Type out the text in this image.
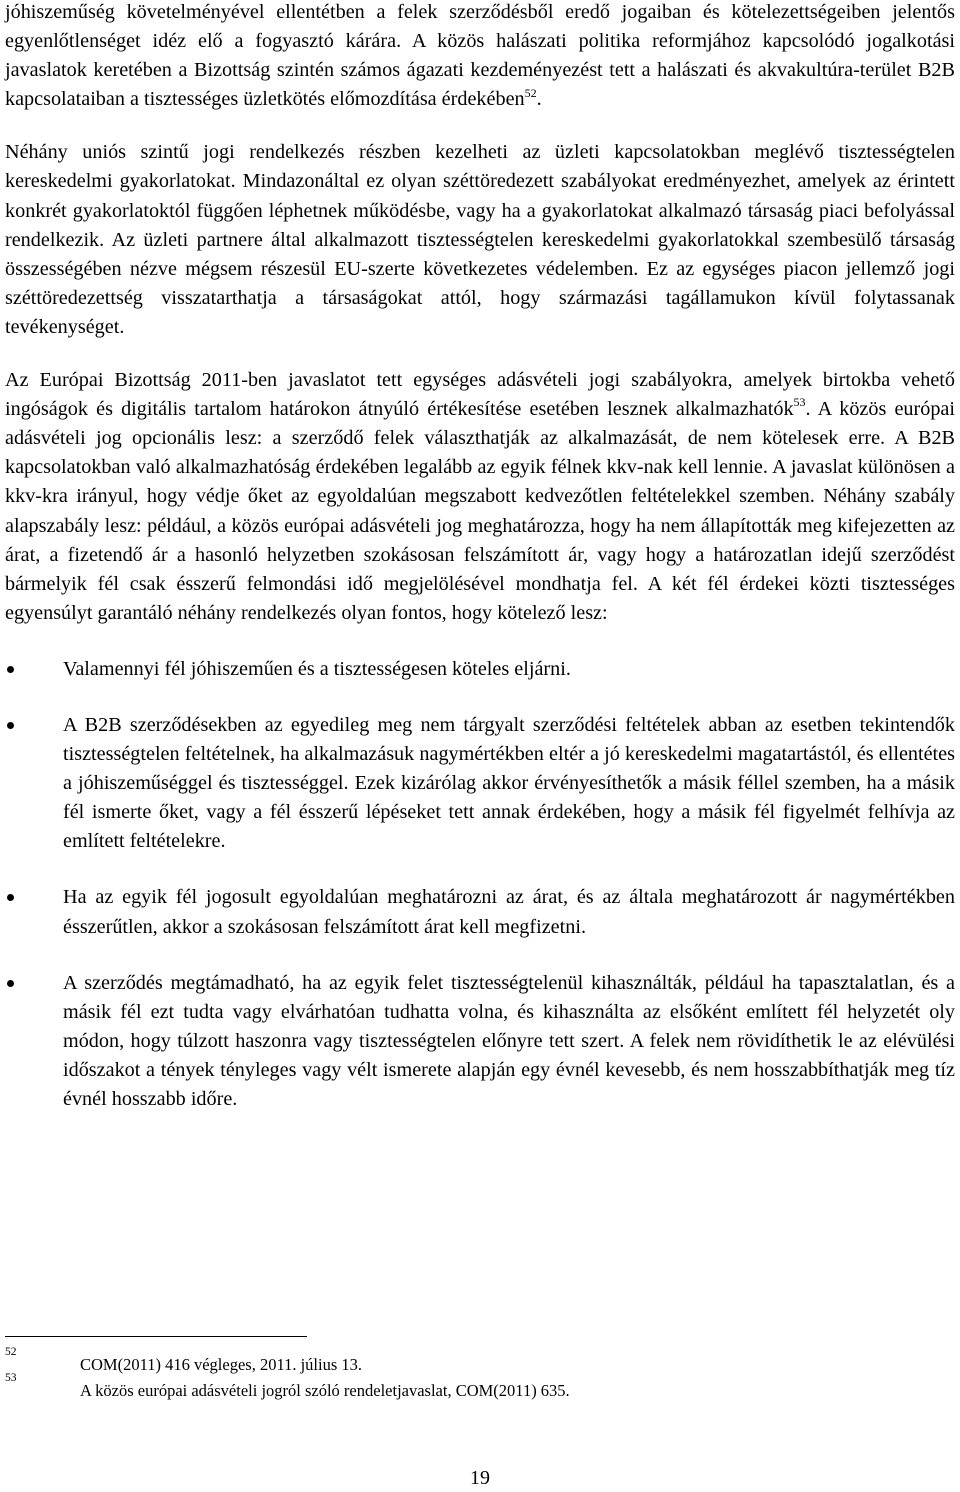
jóhiszeműség követelményével ellentétben a felek szerződésből eredő jogaiban és kötelezettségeiben jelentős egyenlőtlenséget idéz elő a fogyasztó kárára. A közös halászati politika reformjához kapcsolódó jogalkotási javaslatok keretében a Bizottság szintén számos ágazati kezdeményezést tett a halászati és akvakultúra-terület B2B kapcsolataiban a tisztességes üzletkötés előmozdítása érdekében$^{52}$.

Néhány uniós szintű jogi rendelkezés részben kezelheti az üzleti kapcsolatokban meglévő tisztességtelen kereskedelmi gyakorlatokat. Mindazonáltal ez olyan széttöredezett szabályokat eredményezhet, amelyek az érintett konkrét gyakorlatoktól függően léphetnek működésbe, vagy ha a gyakorlatokat alkalmazó társaság piaci befolyással rendelkezik. Az üzleti partnere által alkalmazott tisztességtelen kereskedelmi gyakorlatokkal szembesülő társaság összességében nézve mégsem részesül EU-szerte következetes védelemben. Ez az egységes piacon jellemző jogi széttöredezettség visszatarthatja a társaságokat attól, hogy származási tagállamukon kívül folytassanak tevékenységet.

Az Európai Bizottság 2011-ben javaslatot tett egységes adásvételi jogi szabályokra, amelyek birtokba vehető ingóságok és digitális tartalom határokon átnyúló értékesítése esetében lesznek alkalmazhatók$^{53}$. A közös európai adásvételi jog opcionális lesz: a szerződő felek választhatják az alkalmazását, de nem kötelesek erre. A B2B kapcsolatokban való alkalmazhatóság érdekében legalább az egyik félnek kkv-nak kell lennie. A javaslat különösen a kkv-kra irányul, hogy védje őket az egyoldalúan megszabott kedvezőtlen feltételekkel szemben. Néhány szabály alapszabály lesz: például, a közös európai adásvételi jog meghatározza, hogy ha nem állapították meg kifejezetten az árat, a fizetendő ár a hasonló helyzetben szokásosan felszámított ár, vagy hogy a határozatlan idejű szerződést bármelyik fél csak ésszerű felmondási idő megjelölésével mondhatja fel. A két fél érdekei közti tisztességes egyensúlyt garantáló néhány rendelkezés olyan fontos, hogy kötelező lesz:

Valamennyi fél jóhiszeműen és a tisztességesen köteles eljárni.
A B2B szerződésekben az egyedileg meg nem tárgyalt szerződési feltételek abban az esetben tekintendők tisztességtelen feltételnek, ha alkalmazásuk nagymértékben eltér a jó kereskedelmi magatartástól, és ellentétes a jóhiszeműséggel és tisztességgel. Ezek kizárólag akkor érvényesíthetők a másik féllel szemben, ha a másik fél ismerte őket, vagy a fél ésszerű lépéseket tett annak érdekében, hogy a másik fél figyelmét felhívja az említett feltételekre.
Ha az egyik fél jogosult egyoldalúan meghatározni az árat, és az általa meghatározott ár nagymértékben ésszerűtlen, akkor a szokásosan felszámított árat kell megfizetni.
A szerződés megtámadható, ha az egyik felet tisztességtelenül kihasználták, például ha tapasztalatlan, és a másik fél ezt tudta vagy elvárhatóan tudhatta volna, és kihasználta az elsőként említett fél helyzetét oly módon, hogy túlzott haszonra vagy tisztességtelen előnyre tett szert. A felek nem rövidíthetik le az elévülési időszakot a tények tényleges vagy vélt ismerete alapján egy évnél kevesebb, és nem hosszabbíthatják meg tíz évnél hosszabb időre.

52
COM(2011) 416 végleges, 2011. július 13.

53
A közös európai adásvételi jogról szóló rendeletjavaslat, COM(2011) 635.

19
